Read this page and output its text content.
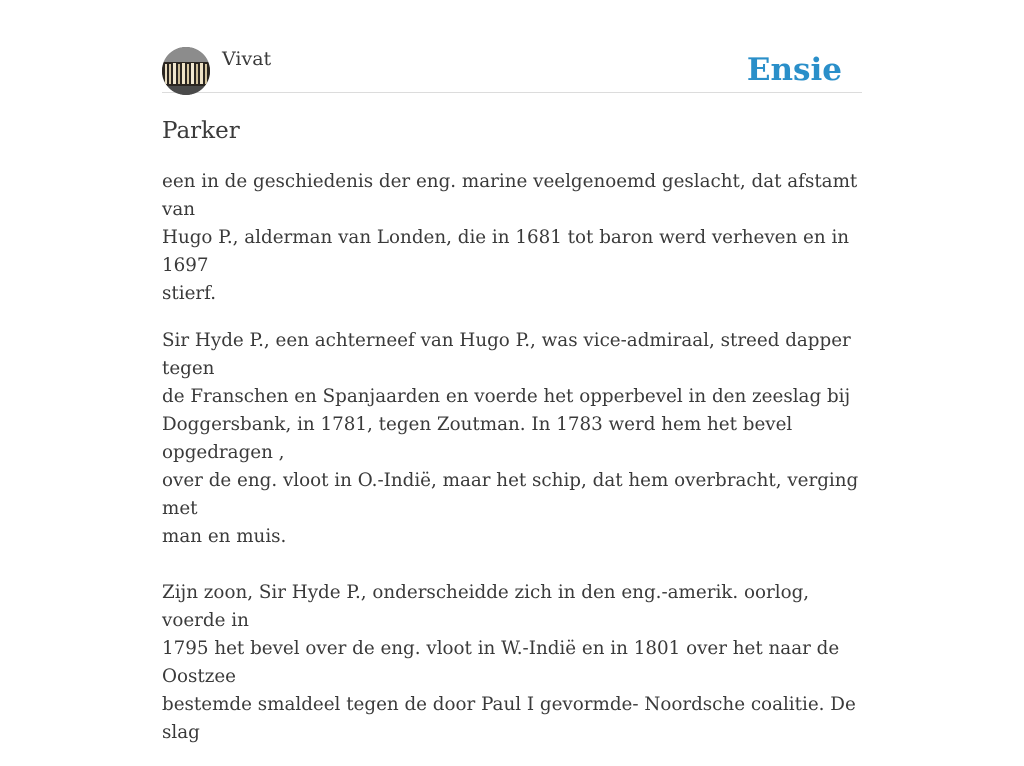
Vivat	Ensie
Parker

een in de geschiedenis der eng. marine veelgenoemd geslacht, dat afstamt van
Hugo P., alderman van Londen, die in 1681 tot baron werd verheven en in 1697
stierf.

Sir Hyde P., een achterneef van Hugo P., was vice-admiraal, streed dapper tegen
de Franschen en Spanjaarden en voerde het opperbevel in den zeeslag bij
Doggersbank, in 1781, tegen Zoutman. In 1783 werd hem het bevel opgedragen ,
over de eng. vloot in O.-Indië, maar het schip, dat hem overbracht, verging met
man en muis.

Zijn zoon, Sir Hyde P., onderscheidde zich in den eng.-amerik. oorlog, voerde in
1795 het bevel over de eng. vloot in W.-Indië en in 1801 over het naar de Oostzee
bestemde smaldeel tegen de door Paul I gevormde- Noordsche coalitie. De slag
